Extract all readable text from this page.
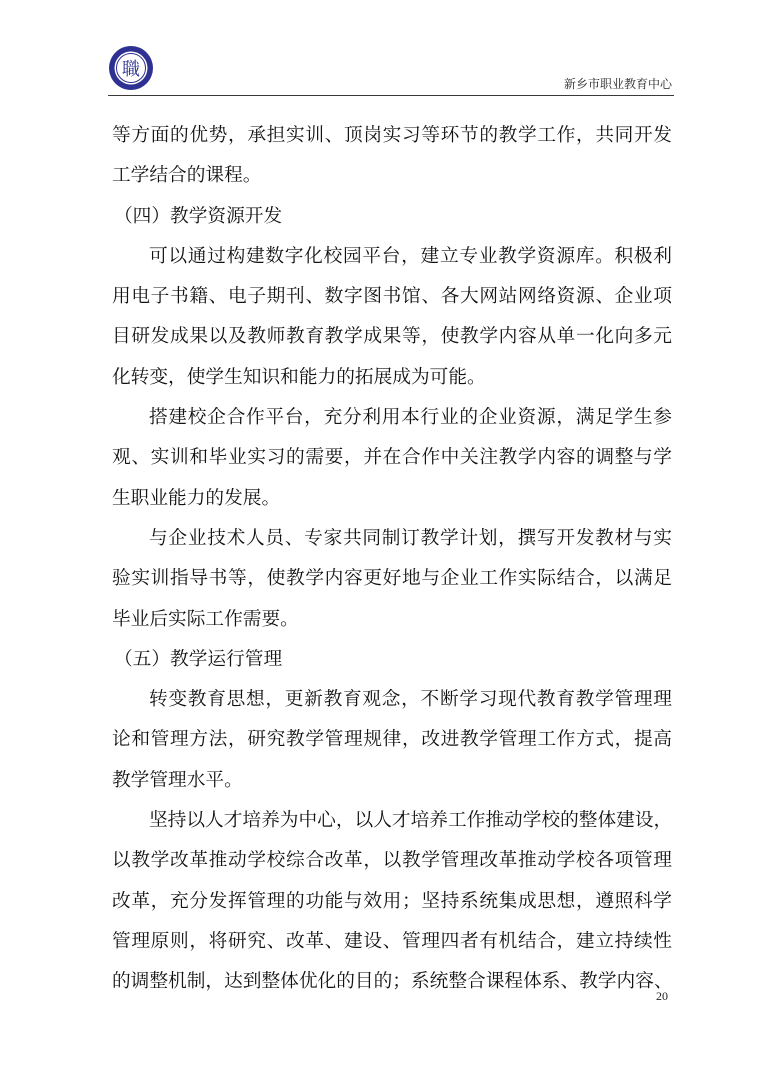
職
新乡市职业教育中心
等方面的优势，承担实训、顶岗实习等环节的教学工作，共同开发
工学结合的课程。
（四）教学资源开发
可以通过构建数字化校园平台，建立专业教学资源库。积极利
用电子书籍、电子期刊、数字图书馆、各大网站网络资源、企业项
目研发成果以及教师教育教学成果等，使教学内容从单一化向多元
化转变，使学生知识和能力的拓展成为可能。
搭建校企合作平台，充分利用本行业的企业资源，满足学生参
观、实训和毕业实习的需要，并在合作中关注教学内容的调整与学
生职业能力的发展。
与企业技术人员、专家共同制订教学计划，撰写开发教材与实
验实训指导书等，使教学内容更好地与企业工作实际结合，以满足
毕业后实际工作需要。
（五）教学运行管理
转变教育思想，更新教育观念，不断学习现代教育教学管理理
论和管理方法，研究教学管理规律，改进教学管理工作方式，提高
教学管理水平。
坚持以人才培养为中心，以人才培养工作推动学校的整体建设，
以教学改革推动学校综合改革，以教学管理改革推动学校各项管理
改革，充分发挥管理的功能与效用；坚持系统集成思想，遵照科学
管理原则，将研究、改革、建设、管理四者有机结合，建立持续性
的调整机制，达到整体优化的目的；系统整合课程体系、教学内容、
20
